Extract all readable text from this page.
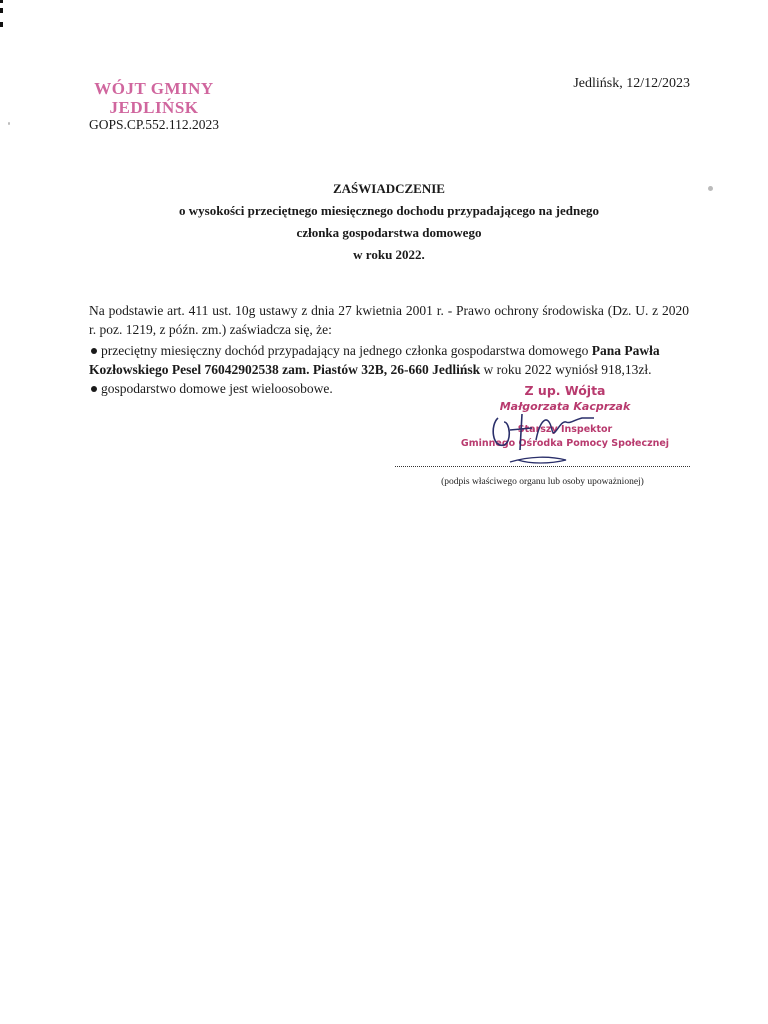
WÓJT GMINY
JEDLIŃSK
GOPS.CP.552.112.2023
Jedlińsk, 12/12/2023
ZAŚWIADCZENIE
o wysokości przeciętnego miesięcznego dochodu przypadającego na jednego
członka gospodarstwa domowego
w roku 2022.
Na podstawie art. 411 ust. 10g ustawy z dnia 27 kwietnia 2001 r. - Prawo ochrony środowiska (Dz. U. z 2020 r. poz. 1219, z późn. zm.) zaświadcza się, że:
przeciętny miesięczny dochód przypadający na jednego członka gospodarstwa domowego Pana Pawła
Kozłowskiego Pesel 76042902538 zam. Piastów 32B, 26-660 Jedlińsk w roku 2022 wyniósł 918,13zł.
gospodarstwo domowe jest wieloosobowe.	Z up. Wójta
Małgorzata Kacprzak
Starszy Inspektor
Gminnego Ośrodka Pomocy Społecznej
(podpis właściwego organu lub osoby upoważnionej)
